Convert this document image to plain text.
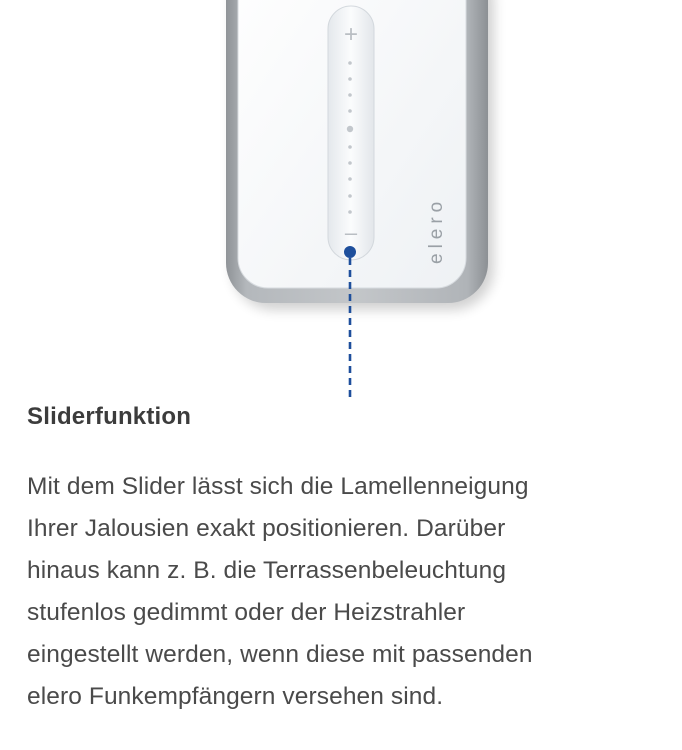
+
–	elero
Sliderfunktion
Mit dem Slider lässt sich die Lamellenneigung
Ihrer Jalousien exakt positionieren. Darüber
hinaus kann z. B. die Terrassenbeleuchtung
stufenlos gedimmt oder der Heizstrahler
eingestellt werden, wenn diese mit passenden
elero Funkempfängern versehen sind.
